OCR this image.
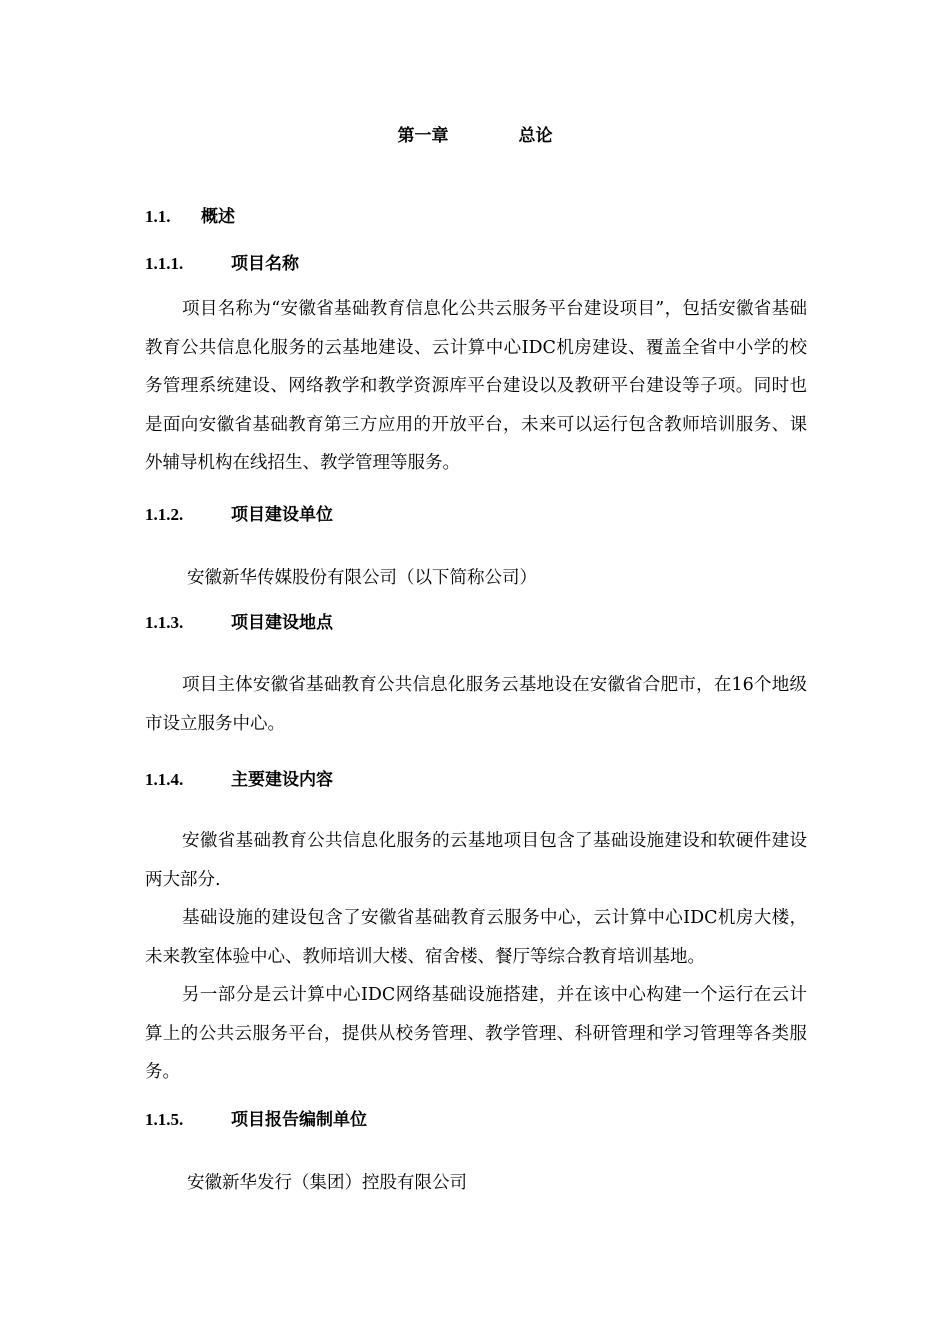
第一章	总论
1.1. 概述
1.1.1.	项目名称

项目名称为“安徽省基础教育信息化公共云服务平台建设项目”，包括安徽省基础教育公共信息化服务的云基地建设、云计算中心IDC机房建设、覆盖全省中小学的校务管理系统建设、网络教学和教学资源库平台建设以及教研平台建设等子项。同时也是面向安徽省基础教育第三方应用的开放平台，未来可以运行包含教师培训服务、课外辅导机构在线招生、教学管理等服务。

1.1.2.	项目建设单位
安徽新华传媒股份有限公司（以下简称公司）
1.1.3.	项目建设地点

项目主体安徽省基础教育公共信息化服务云基地设在安徽省合肥市，在16个地级市设立服务中心。

1.1.4.	主要建设内容

安徽省基础教育公共信息化服务的云基地项目包含了基础设施建设和软硬件建设两大部分.

基础设施的建设包含了安徽省基础教育云服务中心，云计算中心IDC机房大楼，未来教室体验中心、教师培训大楼、宿舍楼、餐厅等综合教育培训基地。

另一部分是云计算中心IDC网络基础设施搭建，并在该中心构建一个运行在云计算上的公共云服务平台，提供从校务管理、教学管理、科研管理和学习管理等各类服务。

1.1.5.	项目报告编制单位
安徽新华发行（集团）控股有限公司
